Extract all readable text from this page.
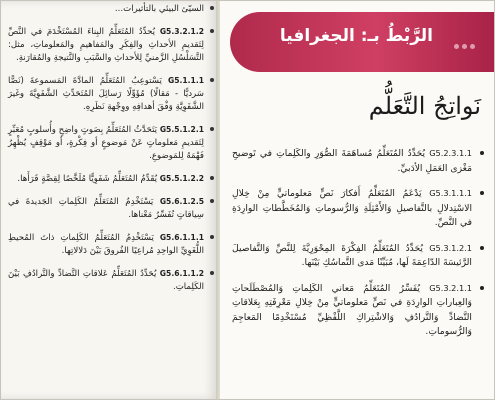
السيّئ البيئي بالتأثيرات...

G5.3.2.1.2 يُحدِّدُ المُتَعَلِّمُ البِناءَ المُسْتَخْدَمَ في النَّصِّ لِتَقديمِ الأحداثِ والفِكَرِ والمَفاهيمِ والمَعلوماتِ، مثل: التَّسَلْسُلِ الزَّمنيِّ لِلأحداثِ والسَّبَبِ والنَّتيجةِ والمُقارَنةِ.

G5.1.1.1 يَسْتوعِبُ المُتَعَلِّمُ المادَّةَ المَسموعةَ (نَصًّا سَرديًّا - مَقالًا) مُؤَوِّلًا رَسائِلَ المُتَحَدِّثِ الشَّفَوِيَّةَ وغَيرَ الشَّفَوِيَّةِ وَفْقَ أهدافِهِ ووِجْهةِ نَظَرِهِ.

G5.5.1.2.1 يَتَحَدَّثُ المُتَعَلِّمُ بِصَوتٍ واضِحٍ وأُسلوبٍ مُعَبِّرٍ لِتَقديمِ مَعلوماتٍ عَنْ مَوضوعٍ أو فِكْرةٍ، أو مَوْقِفٍ يُظْهِرُ فَهْمَهُ لِلمَوضوعِ.

G5.5.1.2.2 يُقَدِّمُ المُتَعَلِّمُ شَفَوِيًّا مُلَخَّصًا لِقِصَّةٍ قَرَأَها.

G5.6.1.2.5 يَسْتَخْدِمُ المُتَعَلِّمُ الكَلِماتِ الجَديدةَ في سِياقاتٍ تُفَسِّرُ مَعْناها.

G5.6.1.1.1 يَسْتَخْدِمُ المُتَعَلِّمُ الكَلِماتِ ذاتَ المُحيطِ اللُّغَوِيِّ الواحِدِ مُراعِيًا الفُروقَ بَيْنَ دَلالاتِها.

G5.6.1.1.2 يُحَدِّدُ المُتَعَلِّمُ عَلاقاتِ التَّضادِّ والتَّرادُفِ بَيْنَ الكَلِماتِ.

الرَّبْطُ بـ: الجغرافيا
نَواتِجُ التَّعَلُّم

G5.2.3.1.1 يُحَدِّدُ المُتَعَلِّمُ مُساهَمَةَ الصُّوَرِ والكَلِماتِ في تَوضيحِ مَغْزى العَمَلِ الأدَبيِّ.

G5.3.1.1.1 يَدْعَمُ المُتَعَلِّمُ أَفكارَ نَصٍّ مَعلوماتيٍّ مِنْ خِلالِ الاسْتِدلالِ بالتَّفاصيلِ وَالأَمْثِلَةِ وَالرُّسوماتِ وَالمُخَطَّطاتِ الوارِدَةِ في النَّصِّ.

G5.3.1.2.1 يُحَدِّدُ المُتَعَلِّمُ الفِكْرَةَ المِحْوَرِيَّةَ لِلنَّصِّ وَالتَّفاصيلَ الرَّئيسَةَ الدّاعِمَةَ لَها، مُبَيِّنًا مَدى التَّماسُكِ بَيْنَها.

G5.3.2.1.1 يُفَسِّرُ المُتَعَلِّمُ مَعاني الكَلِماتِ وَالمُصْطَلَحاتِ وَالعِباراتِ الوارِدَةِ في نَصٍّ مَعلوماتيٍّ مِنْ خِلالِ مَعْرِفَتِهِ بِعَلاقاتِ التَّضادِّ وَالتَّرادُفِ وَالاشْتِراكِ اللَّفْظِيِّ مُسْتَخْدِمًا المَعاجِمَ وَالرُّسوماتِ.
